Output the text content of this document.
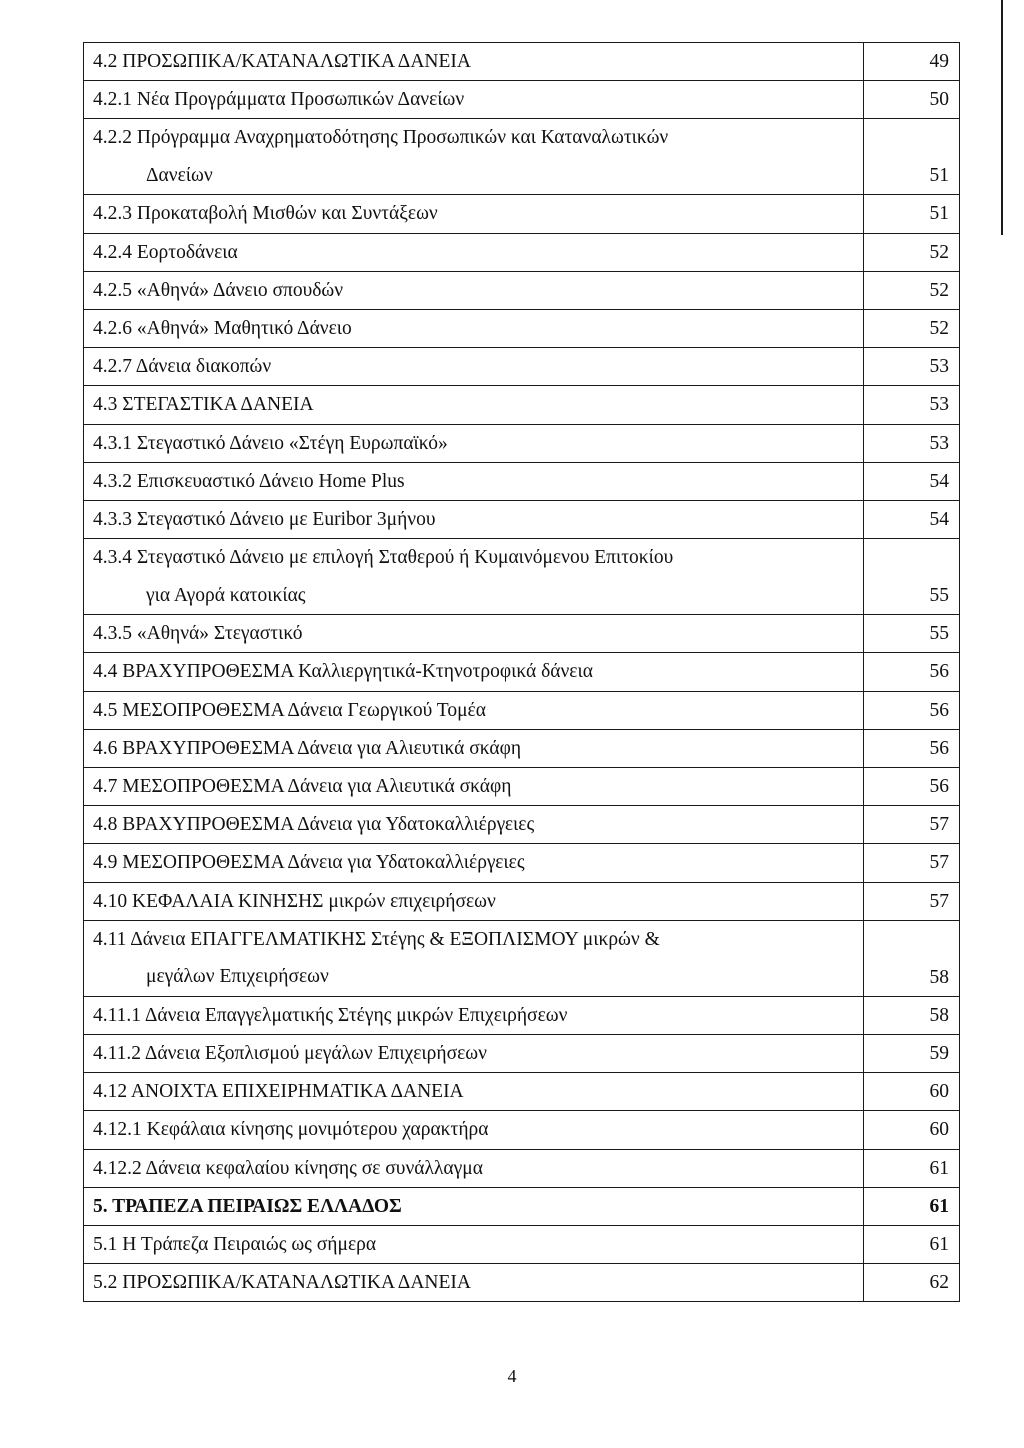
4.2 ΠΡΟΣΩΠΙΚΑ/ΚΑΤΑΝΑΛΩΤΙΚΑ ΔΑΝΕΙΑ	49
4.2.1 Νέα Προγράμματα Προσωπικών Δανείων	50

4.2.2 Πρόγραμμα Αναχρηματοδότησης Προσωπικών και Καταναλωτικών
Δανείων	51
4.2.3 Προκαταβολή Μισθών και Συντάξεων	51
4.2.4 Εορτοδάνεια	52
4.2.5 «Αθηνά» Δάνειο σπουδών	52
4.2.6 «Αθηνά» Μαθητικό Δάνειο	52
4.2.7 Δάνεια διακοπών	53
4.3 ΣΤΕΓΑΣΤΙΚΑ ΔΑΝΕΙΑ	53
4.3.1 Στεγαστικό Δάνειο «Στέγη Ευρωπαϊκό»	53
4.3.2 Επισκευαστικό Δάνειο Home Plus	54
4.3.3 Στεγαστικό Δάνειο με Euribor 3μήνου	54

4.3.4 Στεγαστικό Δάνειο με επιλογή Σταθερού ή Κυμαινόμενου Επιτοκίου
για Αγορά κατοικίας	55
4.3.5 «Αθηνά» Στεγαστικό	55
4.4 ΒΡΑΧΥΠΡΟΘΕΣΜΑ Καλλιεργητικά-Κτηνοτροφικά δάνεια	56
4.5 ΜΕΣΟΠΡΟΘΕΣΜΑ Δάνεια Γεωργικού Τομέα	56
4.6 ΒΡΑΧΥΠΡΟΘΕΣΜΑ Δάνεια για Αλιευτικά σκάφη	56
4.7 ΜΕΣΟΠΡΟΘΕΣΜΑ Δάνεια για Αλιευτικά σκάφη	56
4.8 ΒΡΑΧΥΠΡΟΘΕΣΜΑ Δάνεια για Υδατοκαλλιέργειες	57
4.9 ΜΕΣΟΠΡΟΘΕΣΜΑ Δάνεια για Υδατοκαλλιέργειες	57
4.10 ΚΕΦΑΛΑΙΑ ΚΙΝΗΣΗΣ μικρών επιχειρήσεων	57

4.11 Δάνεια ΕΠΑΓΓΕΛΜΑΤΙΚΗΣ Στέγης & ΕΞΟΠΛΙΣΜΟΥ μικρών &
μεγάλων Επιχειρήσεων	58
4.11.1 Δάνεια Επαγγελματικής Στέγης μικρών Επιχειρήσεων	58
4.11.2 Δάνεια Εξοπλισμού μεγάλων Επιχειρήσεων	59
4.12 ΑΝΟΙΧΤΑ ΕΠΙΧΕΙΡΗΜΑΤΙΚΑ ΔΑΝΕΙΑ	60
4.12.1 Κεφάλαια κίνησης μονιμότερου χαρακτήρα	60
4.12.2 Δάνεια κεφαλαίου κίνησης σε συνάλλαγμα	61
5. ΤΡΑΠΕΖΑ ΠΕΙΡΑΙΩΣ ΕΛΛΑΔΟΣ	61
5.1 Η Τράπεζα Πειραιώς ως σήμερα	61
5.2 ΠΡΟΣΩΠΙΚΑ/ΚΑΤΑΝΑΛΩΤΙΚΑ ΔΑΝΕΙΑ	62
4
